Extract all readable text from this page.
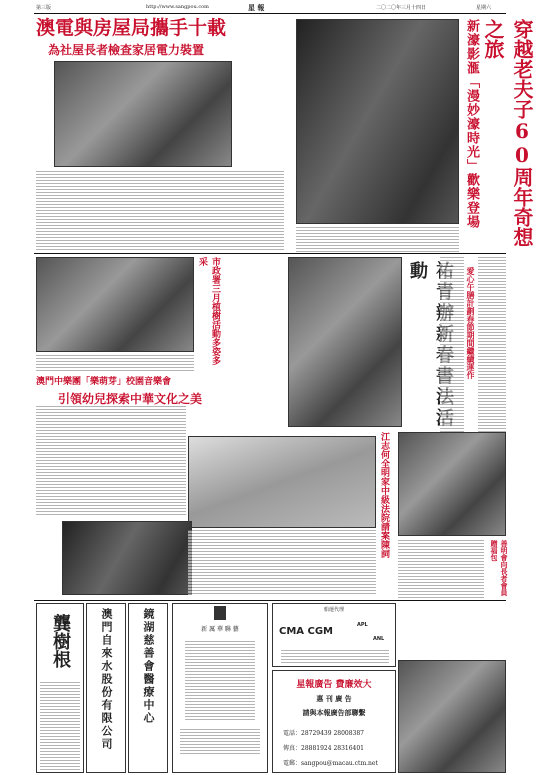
第三版	http://www.sangpou.com	星 報	二〇二〇年三月十四日	星期六
澳電與房屋局攜手十載
為社屋長者檢查家居電力裝置	新濠影滙「漫妙濠時光」歡樂登場	穿越老夫子60周年奇想之旅
市政署三月植樹活動多姿多采	動	愛心午膳計劃春節期間繼續運作
澳門中樂團「樂萌芽」校園音樂會
引領幼兒探索中華文化之美
江志何全明家中級法院請案陳詞
善明會向長者會員贈福包
龔樹根	澳門自來水股份有限公司	鏡湖慈善會醫療中心	新 厲 華 聯 藝
船運代理
CMA CGM
APL
ANL
星報廣告 費廉效大
惠 刊 廣 告
請與本報廣告部聯繫
電話：28729439 28008387
傳真：28881924 28316401
電郵：sangpou@macau.ctm.net
